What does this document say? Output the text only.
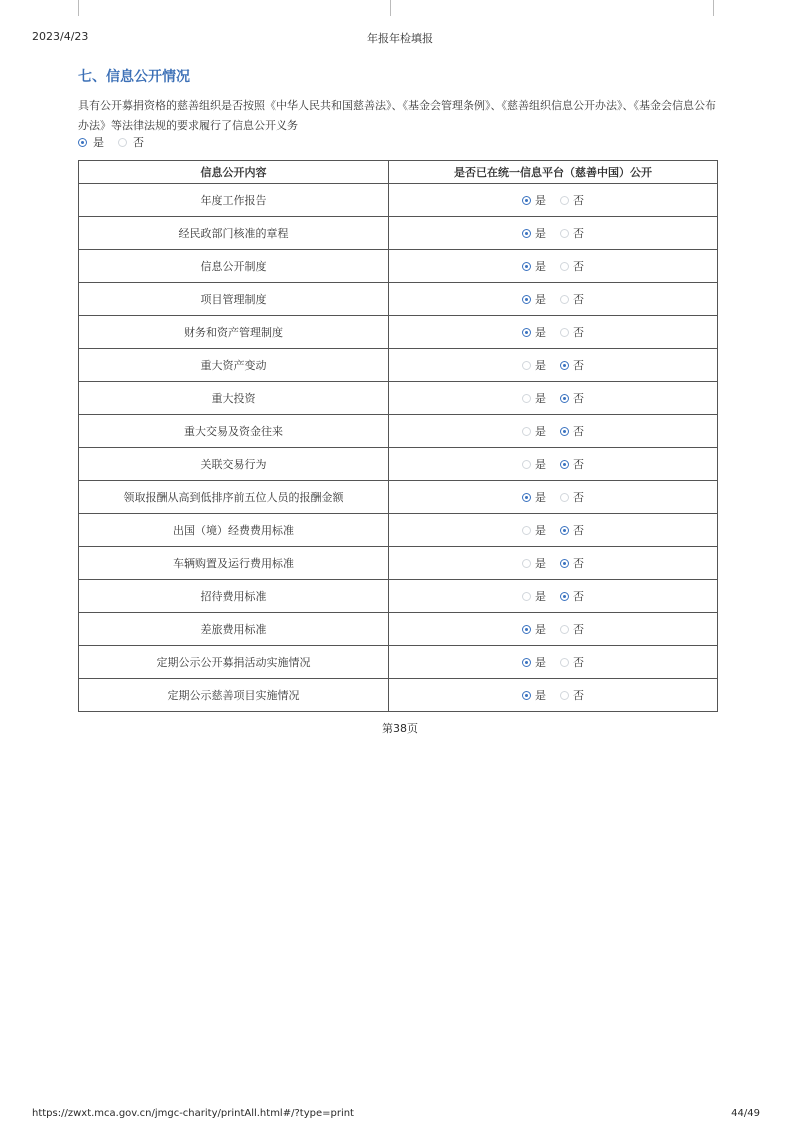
2023/4/23	年报年检填报
七、信息公开情况
具有公开募捐资格的慈善组织是否按照《中华人民共和国慈善法》、《基金会管理条例》、《慈善组织信息公开办法》、《基金会信息公布办法》等法律法规的要求履行了信息公开义务
是	否
信息公开内容	是否已在统一信息平台（慈善中国）公开
年度工作报告	是 否

经民政部门核准的章程	是 否

信息公开制度	是 否

项目管理制度	是 否

财务和资产管理制度	是 否

重大资产变动	是 否

重大投资	是 否

重大交易及资金往来	是 否

关联交易行为	是 否

领取报酬从高到低排序前五位人员的报酬金额	是 否

出国（境）经费费用标准	是 否

车辆购置及运行费用标准	是 否

招待费用标准	是 否

差旅费用标准	是 否

定期公示公开募捐活动实施情况	是 否

定期公示慈善项目实施情况	是 否
第38页
https://zwxt.mca.gov.cn/jmgc-charity/printAll.html#/?type=print	44/49
